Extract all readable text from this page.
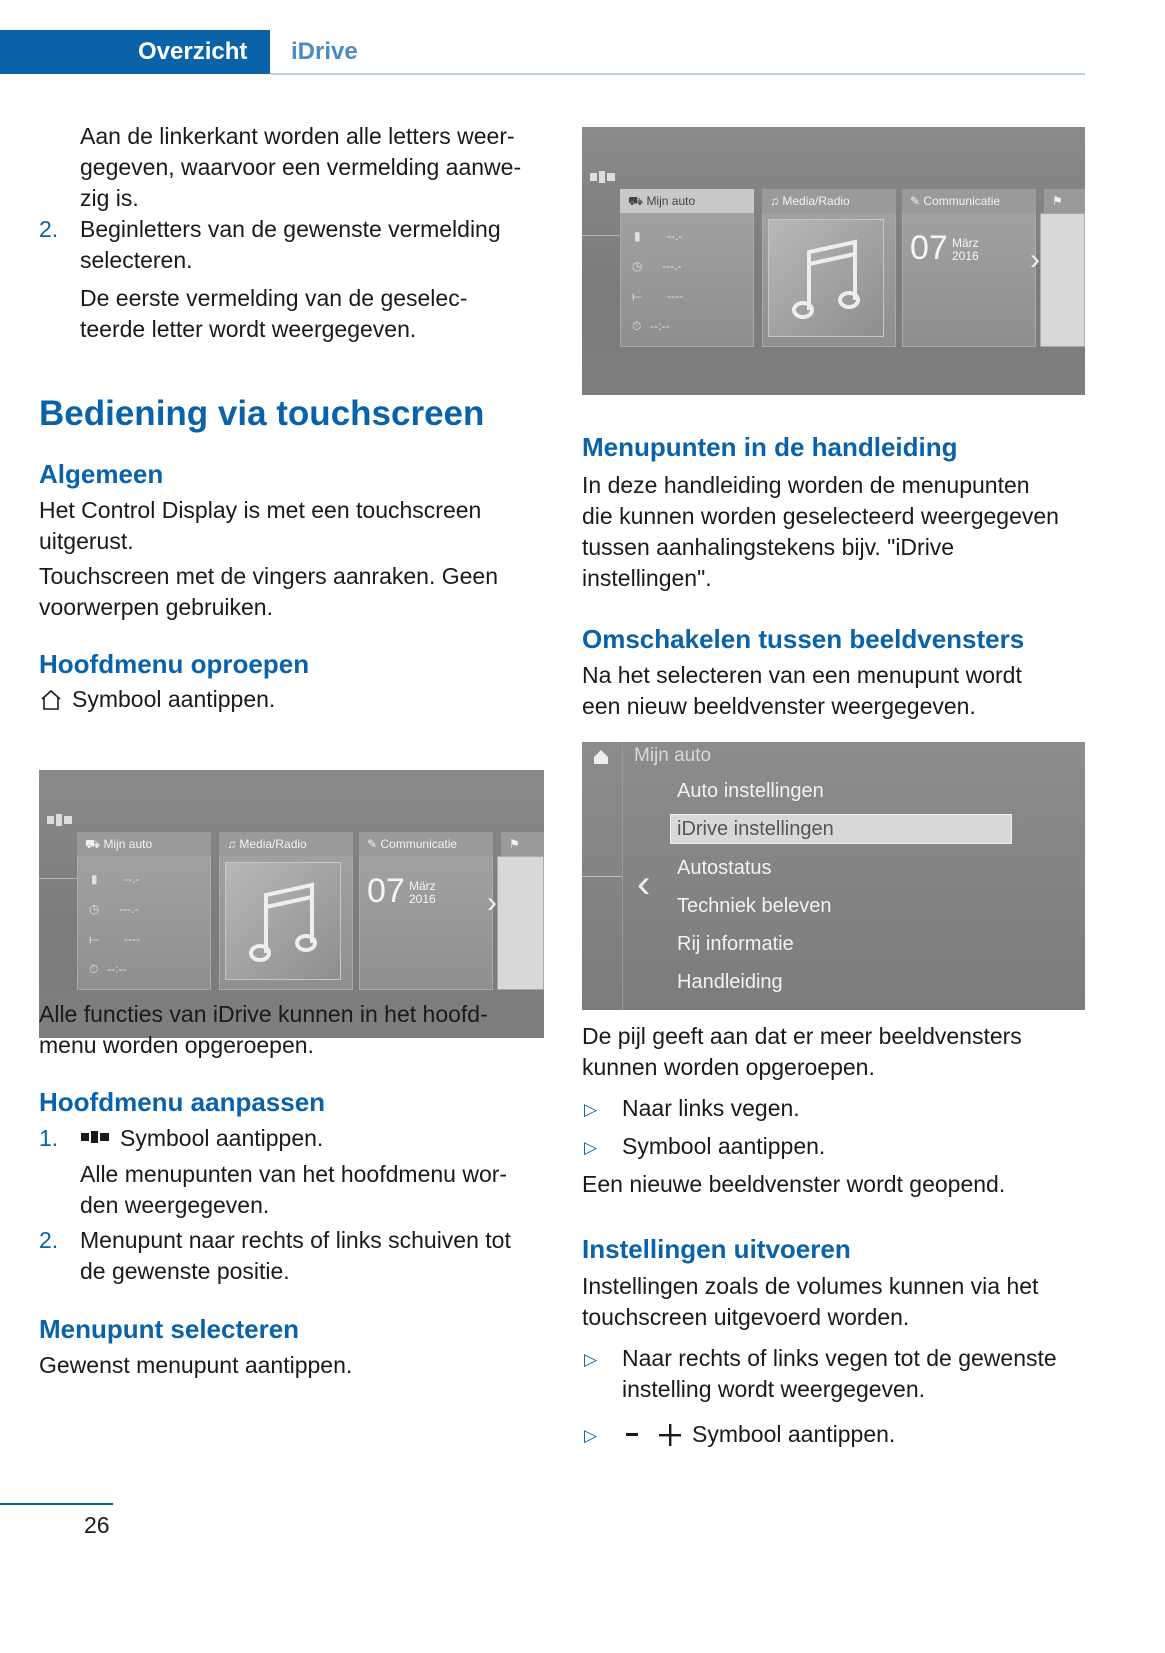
Overzicht iDrive
Aan de linkerkant worden alle letters weer-
gegeven, waarvoor een vermelding aanwe-
zig is.
2. Beginletters van de gewenste vermelding
selecteren.
De eerste vermelding van de geselec-
teerde letter wordt weergegeven.
Bediening via touchscreen
Algemeen
Het Control Display is met een touchscreen
uitgerust.
Touchscreen met de vingers aanraken. Geen
voorwerpen gebruiken.
Hoofdmenu oproepen
Symbool aantippen.
⛟ Mijn auto
▮ --.-
◷ ---.-
⟝ ----
⏱ --:--
♫ Media/Radio	✎ Communicatie
07 März
2016 ›
⚑
Alle functies van iDrive kunnen in het hoofd-
menu worden opgeroepen.
Hoofdmenu aanpassen
1.	Symbool aantippen.
Alle menupunten van het hoofdmenu wor-
den weergegeven.
2. Menupunt naar rechts of links schuiven tot
de gewenste positie.
Menupunt selecteren
Gewenst menupunt aantippen.
⛟ Mijn auto
▮ --.-
◷ ---.-
⟝ ----
⏱ --:--
♫ Media/Radio	✎ Communicatie
07 März
2016 ›
⚑
Menupunten in de handleiding
In deze handleiding worden de menupunten
die kunnen worden geselecteerd weergegeven
tussen aanhalingstekens bijv. "iDrive
instellingen".
Omschakelen tussen beeldvensters
Na het selecteren van een menupunt wordt
een nieuw beeldvenster weergegeven.
Mijn auto
‹
Auto instellingen
iDrive instellingen
Autostatus
Techniek beleven
Rij informatie
Handleiding
De pijl geeft aan dat er meer beeldvensters
kunnen worden opgeroepen.
▷ Naar links vegen.
▷ Symbool aantippen.
Een nieuwe beeldvenster wordt geopend.
Instellingen uitvoeren
Instellingen zoals de volumes kunnen via het
touchscreen uitgevoerd worden.
▷ Naar rechts of links vegen tot de gewenste
instelling wordt weergegeven.
▷	Symbool aantippen.
26
